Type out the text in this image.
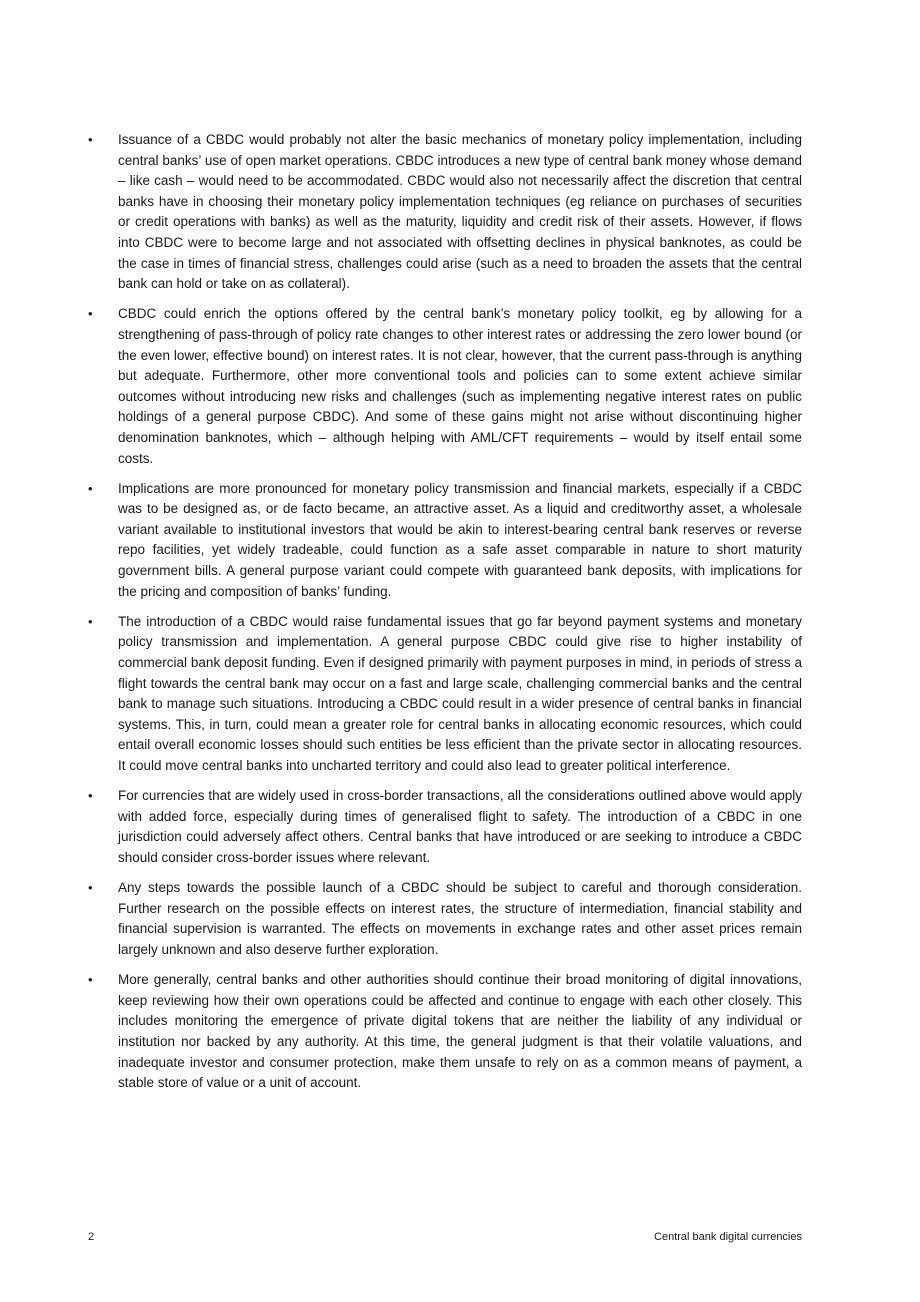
•	Issuance of a CBDC would probably not alter the basic mechanics of monetary policy implementation, including central banks’ use of open market operations. CBDC introduces a new type of central bank money whose demand – like cash – would need to be accommodated. CBDC would also not necessarily affect the discretion that central banks have in choosing their monetary policy implementation techniques (eg reliance on purchases of securities or credit operations with banks) as well as the maturity, liquidity and credit risk of their assets. However, if flows into CBDC were to become large and not associated with offsetting declines in physical banknotes, as could be the case in times of financial stress, challenges could arise (such as a need to broaden the assets that the central bank can hold or take on as collateral).
•	CBDC could enrich the options offered by the central bank’s monetary policy toolkit, eg by allowing for a strengthening of pass-through of policy rate changes to other interest rates or addressing the zero lower bound (or the even lower, effective bound) on interest rates. It is not clear, however, that the current pass-through is anything but adequate. Furthermore, other more conventional tools and policies can to some extent achieve similar outcomes without introducing new risks and challenges (such as implementing negative interest rates on public holdings of a general purpose CBDC). And some of these gains might not arise without discontinuing higher denomination banknotes, which – although helping with AML/CFT requirements – would by itself entail some costs.
•	Implications are more pronounced for monetary policy transmission and financial markets, especially if a CBDC was to be designed as, or de facto became, an attractive asset. As a liquid and creditworthy asset, a wholesale variant available to institutional investors that would be akin to interest-bearing central bank reserves or reverse repo facilities, yet widely tradeable, could function as a safe asset comparable in nature to short maturity government bills. A general purpose variant could compete with guaranteed bank deposits, with implications for the pricing and composition of banks’ funding.
•	The introduction of a CBDC would raise fundamental issues that go far beyond payment systems and monetary policy transmission and implementation. A general purpose CBDC could give rise to higher instability of commercial bank deposit funding. Even if designed primarily with payment purposes in mind, in periods of stress a flight towards the central bank may occur on a fast and large scale, challenging commercial banks and the central bank to manage such situations. Introducing a CBDC could result in a wider presence of central banks in financial systems. This, in turn, could mean a greater role for central banks in allocating economic resources, which could entail overall economic losses should such entities be less efficient than the private sector in allocating resources. It could move central banks into uncharted territory and could also lead to greater political interference.
•	For currencies that are widely used in cross-border transactions, all the considerations outlined above would apply with added force, especially during times of generalised flight to safety. The introduction of a CBDC in one jurisdiction could adversely affect others. Central banks that have introduced or are seeking to introduce a CBDC should consider cross-border issues where relevant.
•	Any steps towards the possible launch of a CBDC should be subject to careful and thorough consideration. Further research on the possible effects on interest rates, the structure of intermediation, financial stability and financial supervision is warranted. The effects on movements in exchange rates and other asset prices remain largely unknown and also deserve further exploration.
•	More generally, central banks and other authorities should continue their broad monitoring of digital innovations, keep reviewing how their own operations could be affected and continue to engage with each other closely. This includes monitoring the emergence of private digital tokens that are neither the liability of any individual or institution nor backed by any authority. At this time, the general judgment is that their volatile valuations, and inadequate investor and consumer protection, make them unsafe to rely on as a common means of payment, a stable store of value or a unit of account.
2	Central bank digital currencies
